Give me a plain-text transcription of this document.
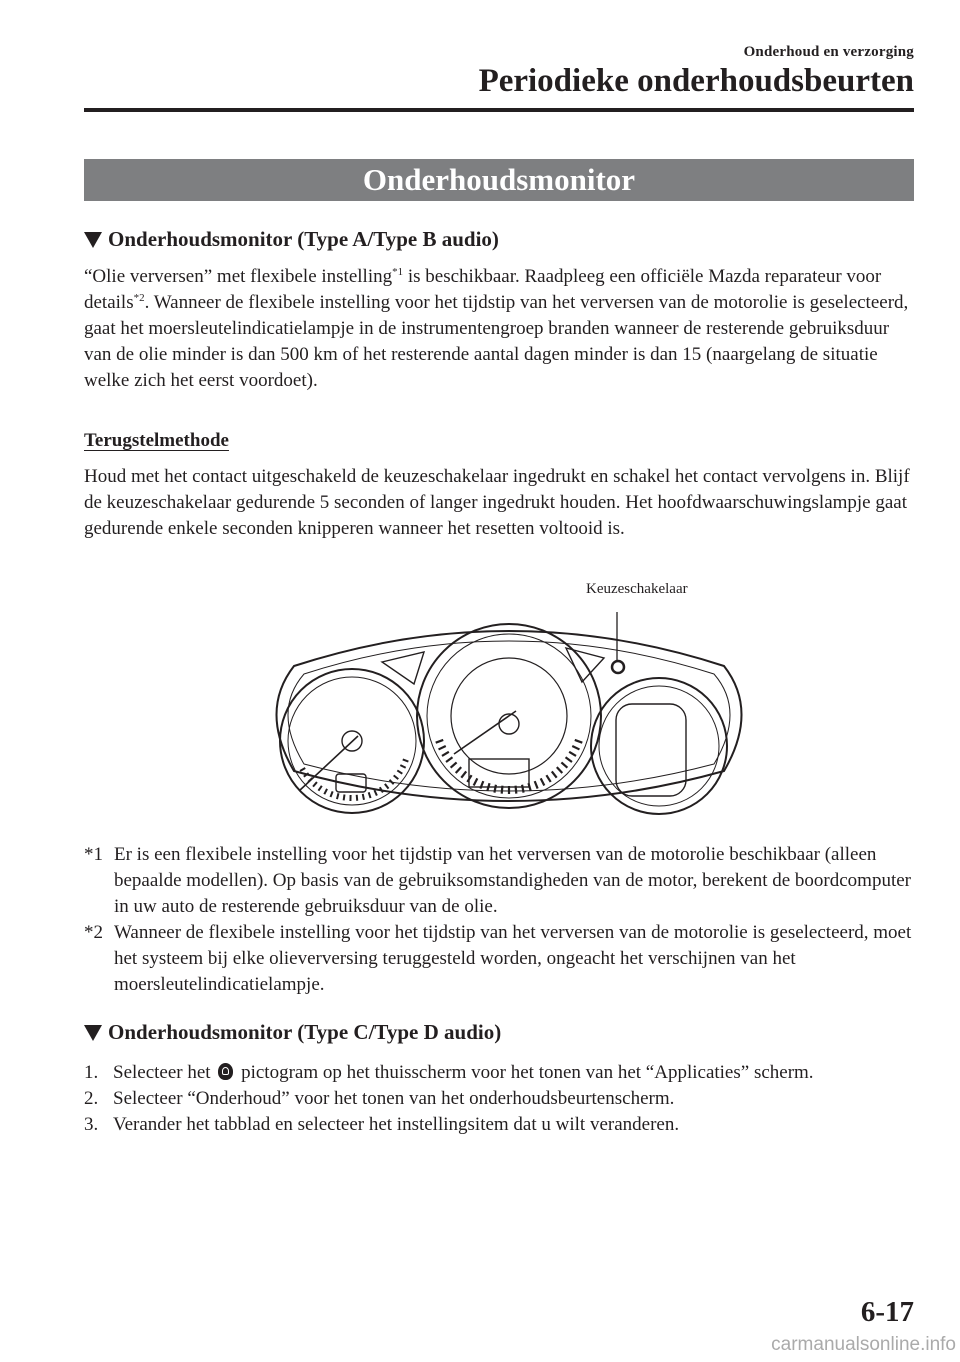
Onderhoud en verzorging
Periodieke onderhoudsbeurten
Onderhoudsmonitor
Onderhoudsmonitor (Type A/Type B audio)

“Olie verversen” met flexibele instelling$^{*1}$ is beschikbaar. Raadpleeg een officiële Mazda reparateur voor details$^{*2}$. Wanneer de flexibele instelling voor het tijdstip van het verversen van de motorolie is geselecteerd, gaat het moersleutelindicatielampje in de instrumentengroep branden wanneer de resterende gebruiksduur van de olie minder is dan 500 km of het resterende aantal dagen minder is dan 15 (naargelang de situatie welke zich het eerst voordoet).

Terugstelmethode

Houd met het contact uitgeschakeld de keuzeschakelaar ingedrukt en schakel het contact vervolgens in. Blijf de keuzeschakelaar gedurende 5 seconden of langer ingedrukt houden. Het hoofdwaarschuwingslampje gaat gedurende enkele seconden knipperen wanneer het resetten voltooid is.

Keuzeschakelaar
*1 Er is een flexibele instelling voor het tijdstip van het verversen van de motorolie beschikbaar (alleen bepaalde modellen). Op basis van de gebruiksomstandigheden van de motor, berekent de boordcomputer in uw auto de resterende gebruiksduur van de olie.
*2 Wanneer de flexibele instelling voor het tijdstip van het verversen van de motorolie is geselecteerd, moet het systeem bij elke olieverversing teruggesteld worden, ongeacht het verschijnen van het moersleutelindicatielampje.
Onderhoudsmonitor (Type C/Type D audio)
1. Selecteer het  pictogram op het thuisscherm voor het tonen van het “Applicaties” scherm.
2. Selecteer “Onderhoud” voor het tonen van het onderhoudsbeurtenscherm.
3. Verander het tabblad en selecteer het instellingsitem dat u wilt veranderen.
6-17
carmanualsonline.info
